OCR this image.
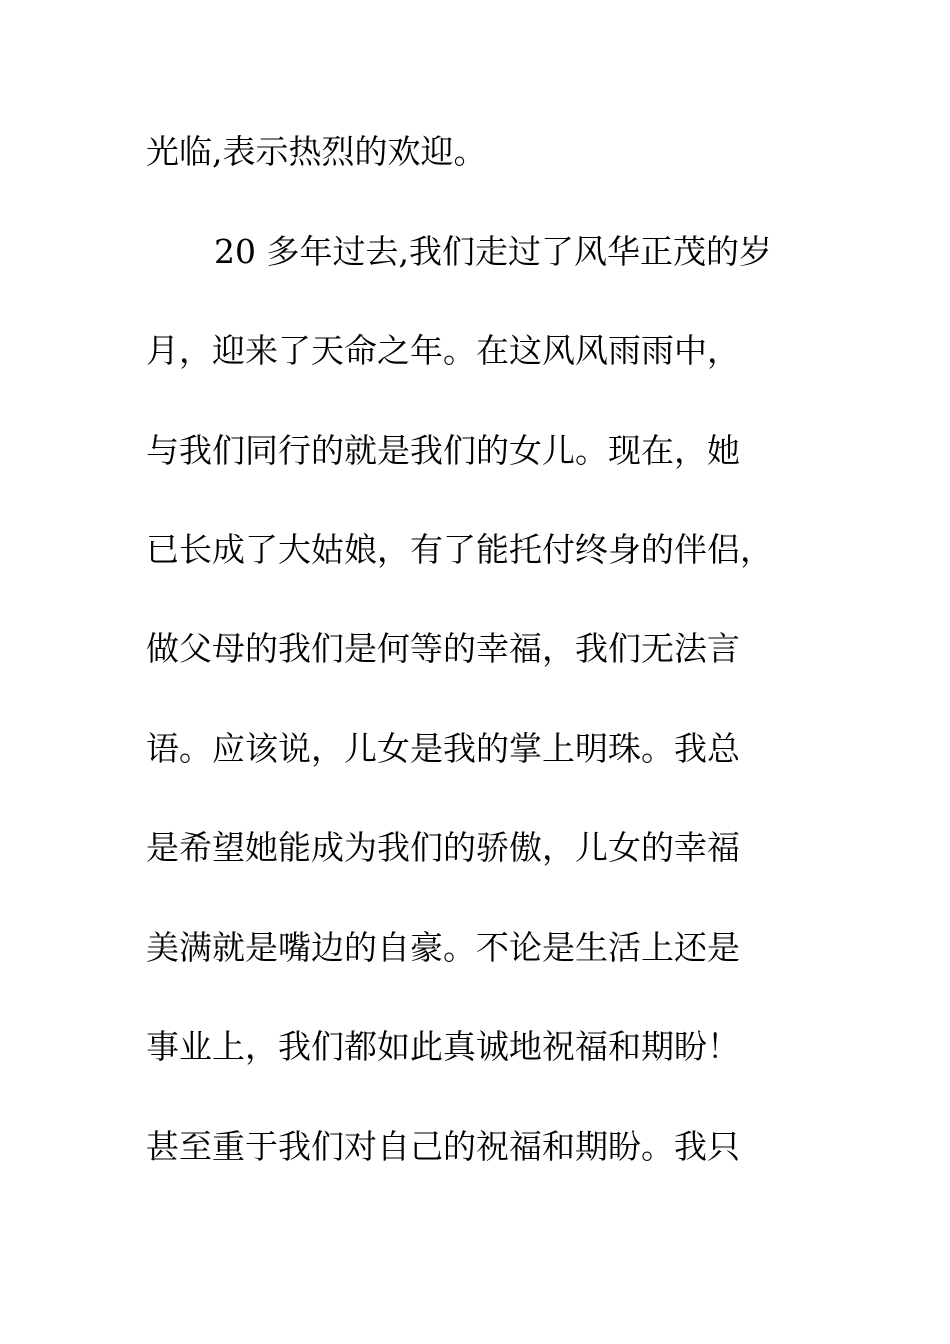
光临,表示热烈的欢迎。
20 多年过去,我们走过了风华正茂的岁
月，迎来了天命之年。在这风风雨雨中，
与我们同行的就是我们的女儿。现在，她
已长成了大姑娘，有了能托付终身的伴侣，
做父母的我们是何等的幸福，我们无法言
语。应该说，儿女是我的掌上明珠。我总
是希望她能成为我们的骄傲，儿女的幸福
美满就是嘴边的自豪。不论是生活上还是
事业上，我们都如此真诚地祝福和期盼！
甚至重于我们对自己的祝福和期盼。我只
